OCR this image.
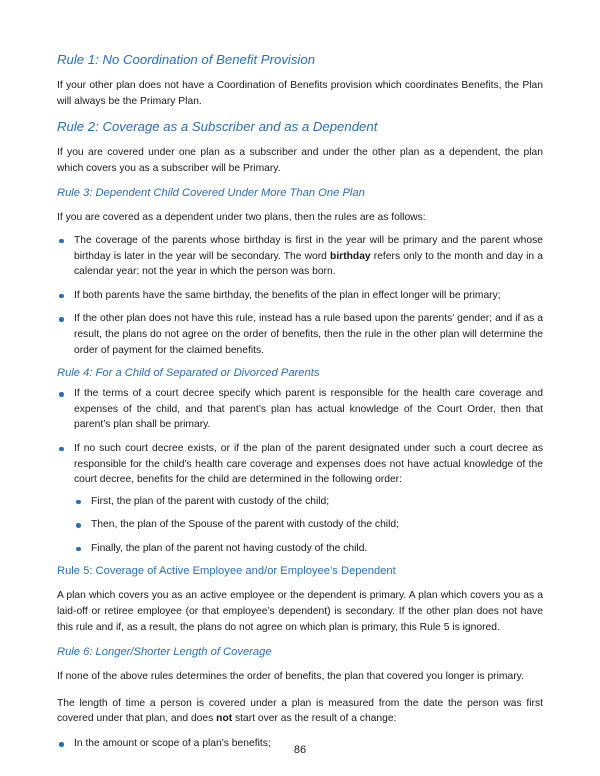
Rule 1: No Coordination of Benefit Provision

If your other plan does not have a Coordination of Benefits provision which coordinates Benefits, the Plan will always be the Primary Plan.

Rule 2: Coverage as a Subscriber and as a Dependent

If you are covered under one plan as a subscriber and under the other plan as a dependent, the plan which covers you as a subscriber will be Primary.

Rule 3: Dependent Child Covered Under More Than One Plan

If you are covered as a dependent under two plans, then the rules are as follows:

The coverage of the parents whose birthday is first in the year will be primary and the parent whose birthday is later in the year will be secondary. The word birthday refers only to the month and day in a calendar year; not the year in which the person was born.
If both parents have the same birthday, the benefits of the plan in effect longer will be primary;
If the other plan does not have this rule, instead has a rule based upon the parents’ gender; and if as a result, the plans do not agree on the order of benefits, then the rule in the other plan will determine the order of payment for the claimed benefits.
Rule 4: For a Child of Separated or Divorced Parents
If the terms of a court decree specify which parent is responsible for the health care coverage and expenses of the child, and that parent’s plan has actual knowledge of the Court Order, then that parent’s plan shall be primary.
If no such court decree exists, or if the plan of the parent designated under such a court decree as responsible for the child’s health care coverage and expenses does not have actual knowledge of the court decree, benefits for the child are determined in the following order:
First, the plan of the parent with custody of the child;
Then, the plan of the Spouse of the parent with custody of the child;
Finally, the plan of the parent not having custody of the child.
Rule 5: Coverage of Active Employee and/or Employee’s Dependent

A plan which covers you as an active employee or the dependent is primary. A plan which covers you as a laid-off or retiree employee (or that employee’s dependent) is secondary. If the other plan does not have this rule and if, as a result, the plans do not agree on which plan is primary, this Rule 5 is ignored.

Rule 6: Longer/Shorter Length of Coverage

If none of the above rules determines the order of benefits, the plan that covered you longer is primary.

The length of time a person is covered under a plan is measured from the date the person was first covered under that plan, and does not start over as the result of a change:

In the amount or scope of a plan’s benefits;
86
